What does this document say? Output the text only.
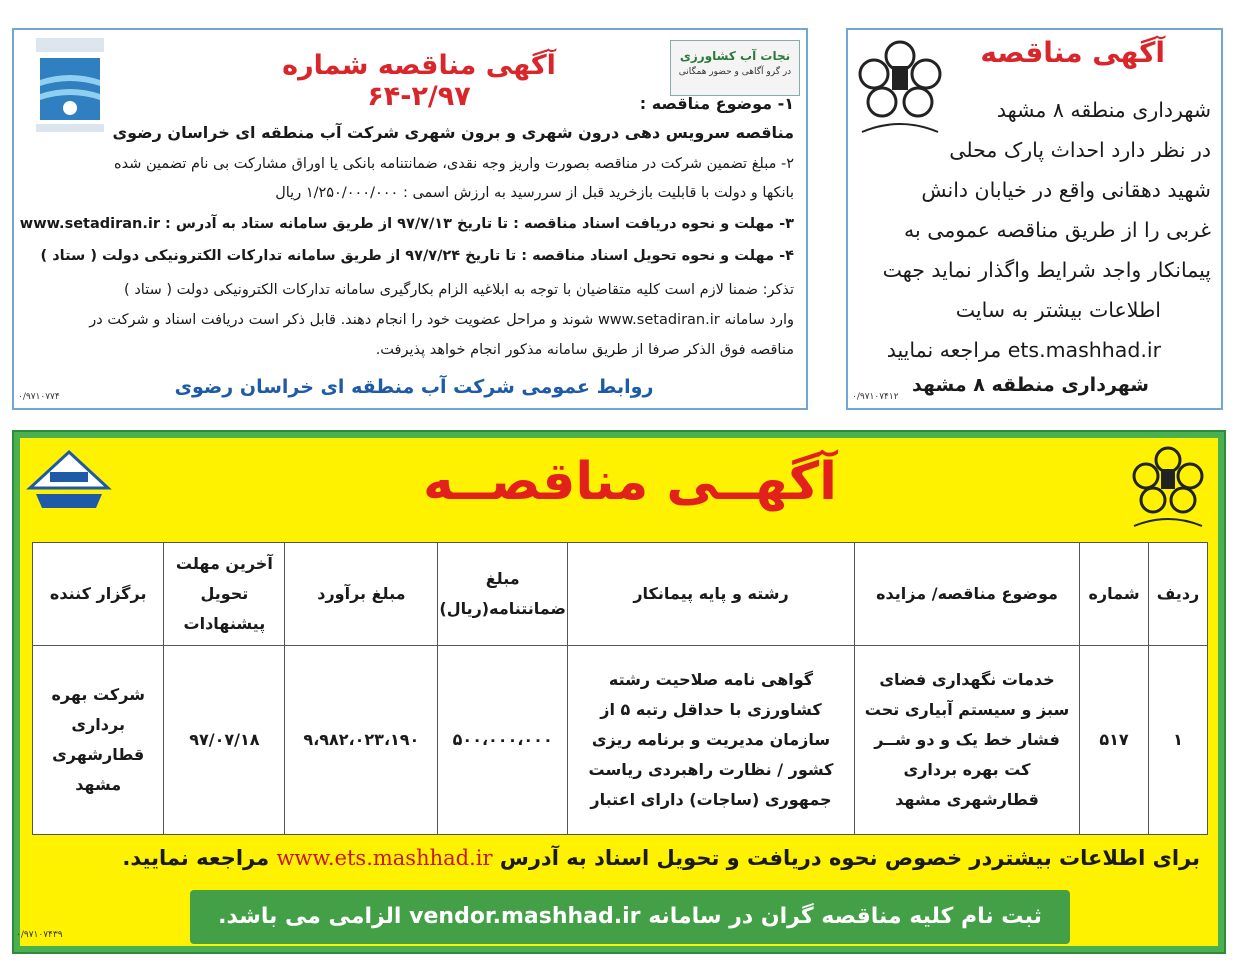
آگهی مناقصه شماره ۲/۹۷-۶۴
نجات آب کشاورزی
در گرو آگاهی و حضور همگانی
۱- موضوع مناقصه :
مناقصه سرویس دهی درون شهری و برون شهری شرکت آب منطقه ای خراسان رضوی
۲- مبلغ تضمین شرکت در مناقصه بصورت واریز وجه نقدی، ضمانتنامه بانکی یا اوراق مشارکت بی نام تضمین شده
بانکها و دولت با قابلیت بازخرید قبل از سررسید به ارزش اسمی : ۱/۲۵۰/۰۰۰/۰۰۰ ریال
۳- مهلت و نحوه دریافت اسناد مناقصه : تا تاریخ ۹۷/۷/۱۳ از طریق سامانه ستاد به آدرس : www.setadiran.ir
۴- مهلت و نحوه تحویل اسناد مناقصه : تا تاریخ ۹۷/۷/۲۴ از طریق سامانه تدارکات الکترونیکی دولت ( ستاد )
تذکر: ضمنا لازم است کلیه متقاضیان با توجه به ابلاغیه الزام بکارگیری سامانه تدارکات الکترونیکی دولت ( ستاد )
وارد سامانه www.setadiran.ir شوند و مراحل عضویت خود را انجام دهند. قابل ذکر است دریافت اسناد و شرکت در
مناقصه فوق الذکر صرفا از طریق سامانه مذکور انجام خواهد پذیرفت.
روابط عمومی شرکت آب منطقه ای خراسان رضوی
۰/۹۷۱۰۷۷۴
آگهی مناقصه
شهرداری منطقه ۸ مشهد
در نظر دارد احداث پارک محلی
شهید دهقانی واقع در خیابان دانش
غربی را از طریق مناقصه عمومی به
پیمانکار واجد شرایط واگذار نماید جهت
اطلاعات بیشتر به سایت
ets.mashhad.ir مراجعه نمایید
شهرداری منطقه ۸ مشهد
۰/۹۷۱۰۷۴۱۲
آگهــی مناقصــه
ردیف	شماره	موضوع مناقصه/ مزایده	رشته و پایه پیمانکار	مبلغ ضمانتنامه(ریال)	مبلغ برآورد	آخرین مهلت تحویل پیشنهادات	برگزار کننده
۱	۵۱۷	خدمات نگهداری فضای سبز و سیستم آبیاری تحت فشار خط یک و دو شــر کت بهره برداری قطارشهری مشهد	گواهی نامه صلاحیت رشته کشاورزی با حداقل رتبه ۵ از سازمان مدیریت و برنامه ریزی کشور / نظارت راهبردی ریاست جمهوری (ساجات) دارای اعتبار	۵۰۰،۰۰۰،۰۰۰	۹،۹۸۲،۰۲۳،۱۹۰	۹۷/۰۷/۱۸	شرکت بهره برداری قطارشهری مشهد
برای اطلاعات بیشتردر خصوص نحوه دریافت و تحویل اسناد به آدرس www.ets.mashhad.ir مراجعه نمایید.
ثبت نام کلیه مناقصه گران در سامانه vendor.mashhad.ir الزامی می باشد.
۰/۹۷۱۰۷۴۳۹
